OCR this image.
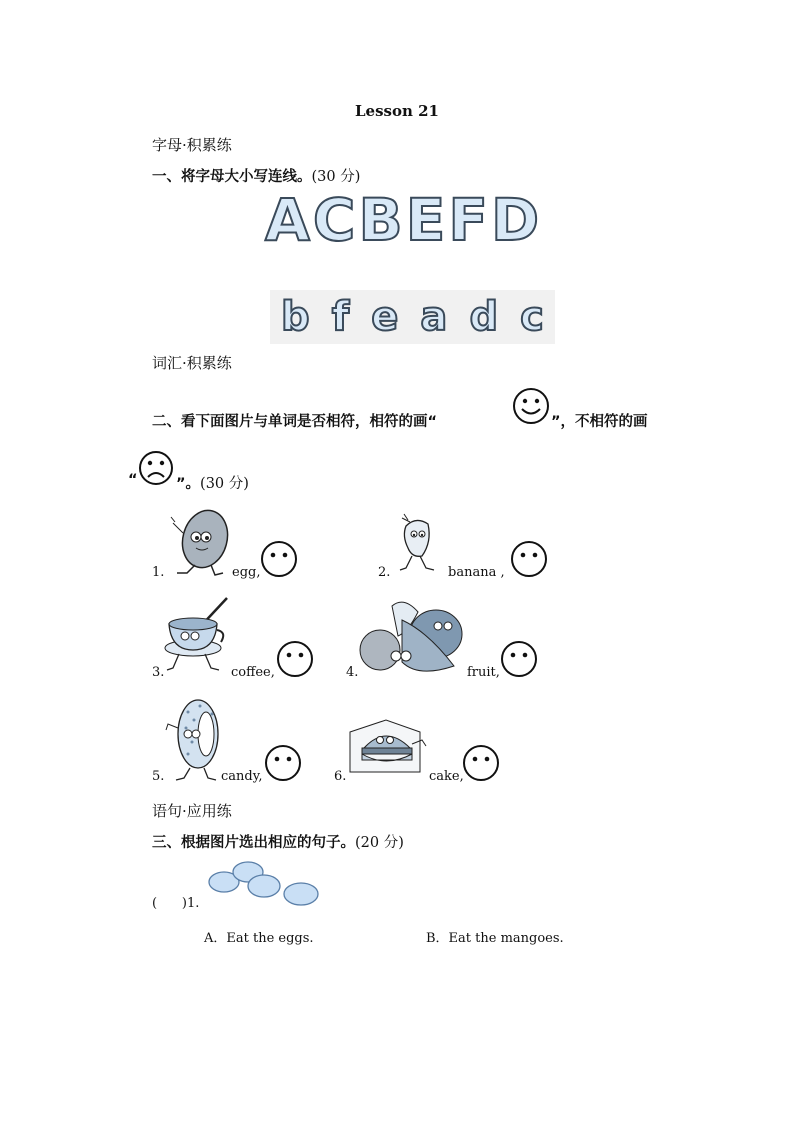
Lesson 21
字母·积累练
一、将字母大小写连线。(30 分)
A C B E F D
b f e a d c
词汇·积累练
二、看下面图片与单词是否相符，相符的画“	”，不相符的画
“	”。(30 分)
1.	egg,	2.	banana ,
3.	coffee,	4.	fruit,
5.	candy,	6.	cake,
语句·应用练
三、根据图片选出相应的句子。(20 分)
(      )1.
A．Eat the eggs.	B．Eat the mangoes.
